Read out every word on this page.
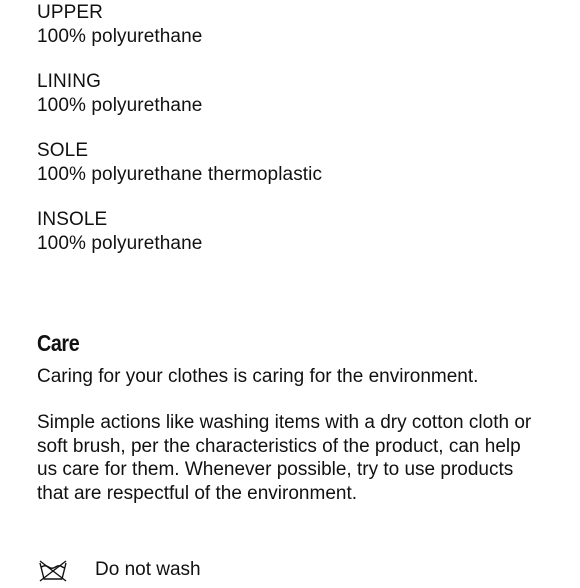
UPPER
100% polyurethane
LINING
100% polyurethane
SOLE
100% polyurethane thermoplastic
INSOLE
100% polyurethane
Care

Caring for your clothes is caring for the environment.

Simple actions like washing items with a dry cotton cloth or soft brush, per the characteristics of the product, can help us care for them. Whenever possible, try to use products that are respectful of the environment.

Do not wash
